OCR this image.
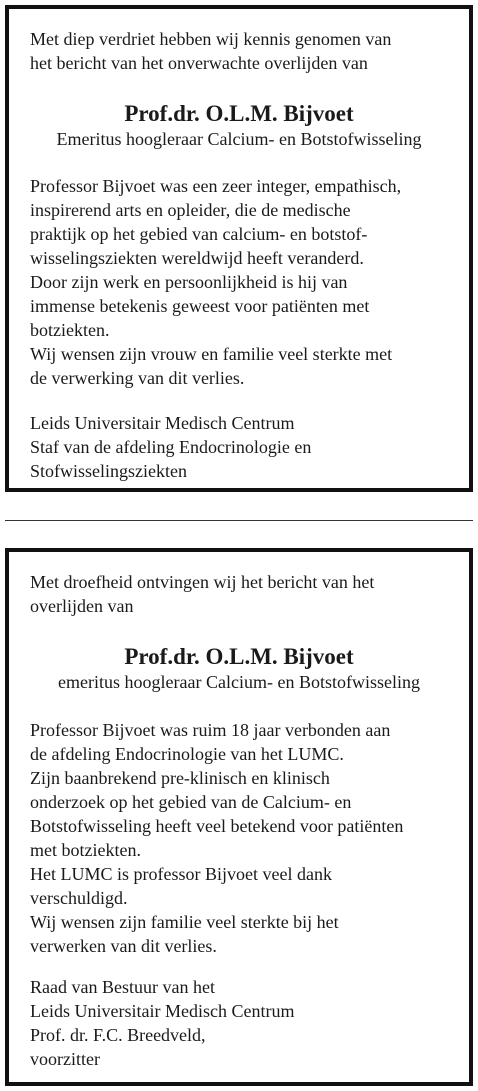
Met diep verdriet hebben wij kennis genomen van
het bericht van het onverwachte overlijden van
Prof.dr. O.L.M. Bijvoet
Emeritus hoogleraar Calcium- en Botstofwisseling
Professor Bijvoet was een zeer integer, empathisch,
inspirerend arts en opleider, die de medische
praktijk op het gebied van calcium- en botstof-
wisselingsziekten wereldwijd heeft veranderd.
Door zijn werk en persoonlijkheid is hij van
immense betekenis geweest voor patiënten met
botziekten.
Wij wensen zijn vrouw en familie veel sterkte met
de verwerking van dit verlies.
Leids Universitair Medisch Centrum
Staf van de afdeling Endocrinologie en
Stofwisselingsziekten
Met droefheid ontvingen wij het bericht van het
overlijden van
Prof.dr. O.L.M. Bijvoet
emeritus hoogleraar Calcium- en Botstofwisseling
Professor Bijvoet was ruim 18 jaar verbonden aan
de afdeling Endocrinologie van het LUMC.
Zijn baanbrekend pre-klinisch en klinisch
onderzoek op het gebied van de Calcium- en
Botstofwisseling heeft veel betekend voor patiënten
met botziekten.
Het LUMC is professor Bijvoet veel dank
verschuldigd.
Wij wensen zijn familie veel sterkte bij het
verwerken van dit verlies.
Raad van Bestuur van het
Leids Universitair Medisch Centrum
Prof. dr. F.C. Breedveld,
voorzitter
